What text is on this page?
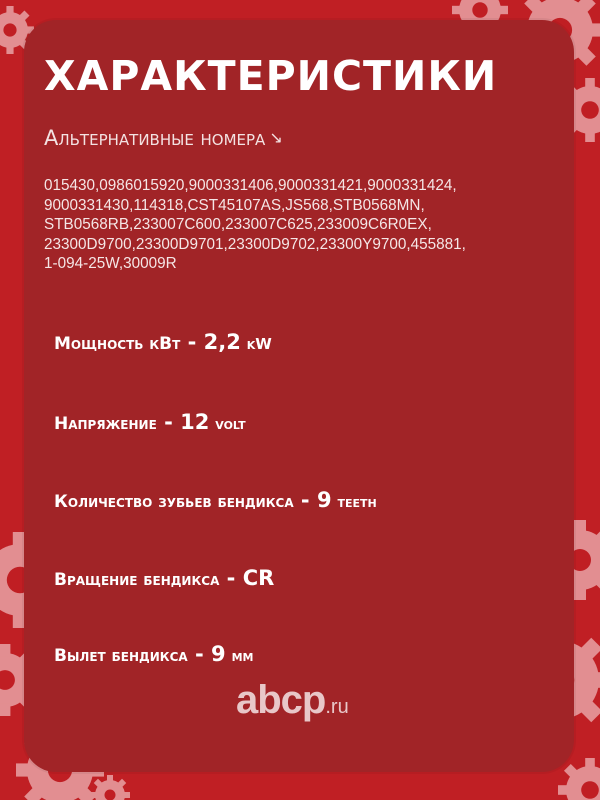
ХАРАКТЕРИСТИКИ
Альтернативные номера ↘
015430,0986015920,9000331406,9000331421,9000331424,
9000331430,114318,CST45107AS,JS568,STB0568MN,
STB0568RB,233007C600,233007C625,233009C6R0EX,
23300D9700,23300D9701,23300D9702,23300Y9700,455881,
1-094-25W,30009R
Мощность кВт - 2,2 kW
Напряжение - 12 volt
Количество зубьев бендикса - 9 teeth
Вращение бендикса - CR
Вылет бендикса - 9 мм
abcp .ru
